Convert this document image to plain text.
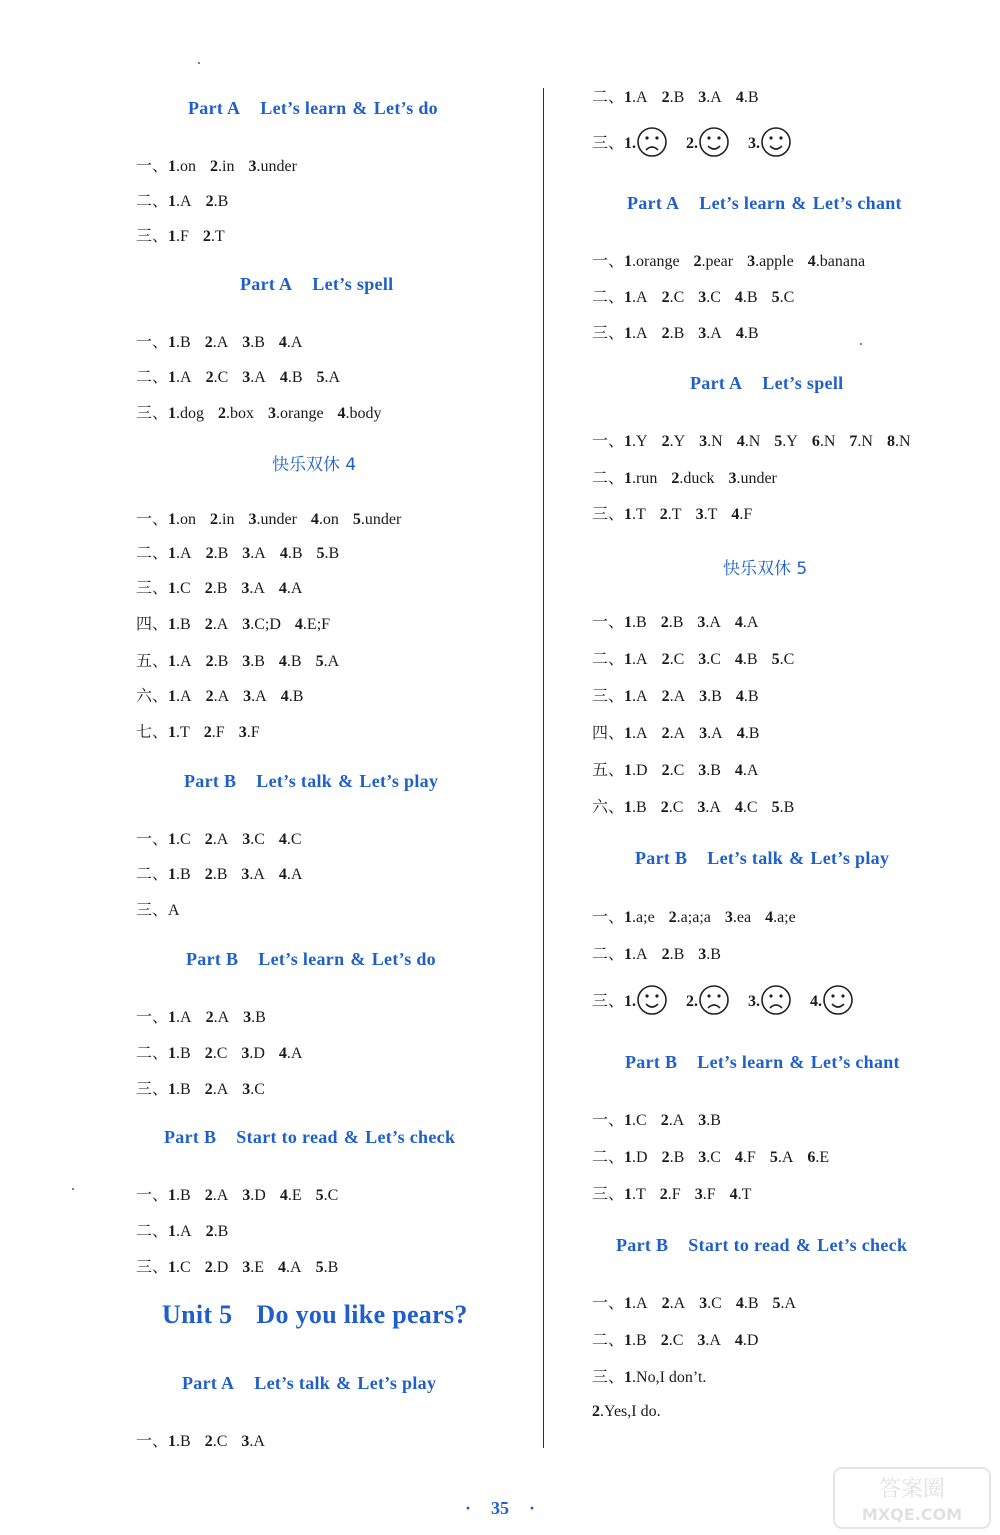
Part A Let’s learn & Let’s do
一、1.on 2.in 3.under
二、1.A 2.B
三、1.F 2.T
Part A Let’s spell
一、1.B 2.A 3.B 4.A
二、1.A 2.C 3.A 4.B 5.A
三、1.dog 2.box 3.orange 4.body
快乐双休 4
一、1.on 2.in 3.under 4.on 5.under
二、1.A 2.B 3.A 4.B 5.B
三、1.C 2.B 3.A 4.A
四、1.B 2.A 3.C;D 4.E;F
五、1.A 2.B 3.B 4.B 5.A
六、1.A 2.A 3.A 4.B
七、1.T 2.F 3.F
Part B Let’s talk & Let’s play
一、1.C 2.A 3.C 4.C
二、1.B 2.B 3.A 4.A
三、A
Part B Let’s learn & Let’s do
一、1.A 2.A 3.B
二、1.B 2.C 3.D 4.A
三、1.B 2.A 3.C
Part B Start to read & Let’s check
一、1.B 2.A 3.D 4.E 5.C
二、1.A 2.B
三、1.C 2.D 3.E 4.A 5.B
Unit 5 Do you like pears?
Part A Let’s talk & Let’s play
一、1.B 2.C 3.A
二、1.A 2.B 3.A 4.B
三、1.	2.	3.
Part A Let’s learn & Let’s chant
一、1.orange 2.pear 3.apple 4.banana
二、1.A 2.C 3.C 4.B 5.C
三、1.A 2.B 3.A 4.B
Part A Let’s spell
一、1.Y 2.Y 3.N 4.N 5.Y 6.N 7.N 8.N
二、1.run 2.duck 3.under
三、1.T 2.T 3.T 4.F
快乐双休 5
一、1.B 2.B 3.A 4.A
二、1.A 2.C 3.C 4.B 5.C
三、1.A 2.A 3.B 4.B
四、1.A 2.A 3.A 4.B
五、1.D 2.C 3.B 4.A
六、1.B 2.C 3.A 4.C 5.B
Part B Let’s talk & Let’s play
一、1.a;e 2.a;a;a 3.ea 4.a;e
二、1.A 2.B 3.B
三、1.	2.	3.	4.
Part B Let’s learn & Let’s chant
一、1.C 2.A 3.B
二、1.D 2.B 3.C 4.F 5.A 6.E
三、1.T 2.F 3.F 4.T
Part B Start to read & Let’s check
一、1.A 2.A 3.C 4.B 5.A
二、1.B 2.C 3.A 4.D
三、1.No,I don’t.
2.Yes,I do.
· 35 ·
答案圈
MXQE.COM
